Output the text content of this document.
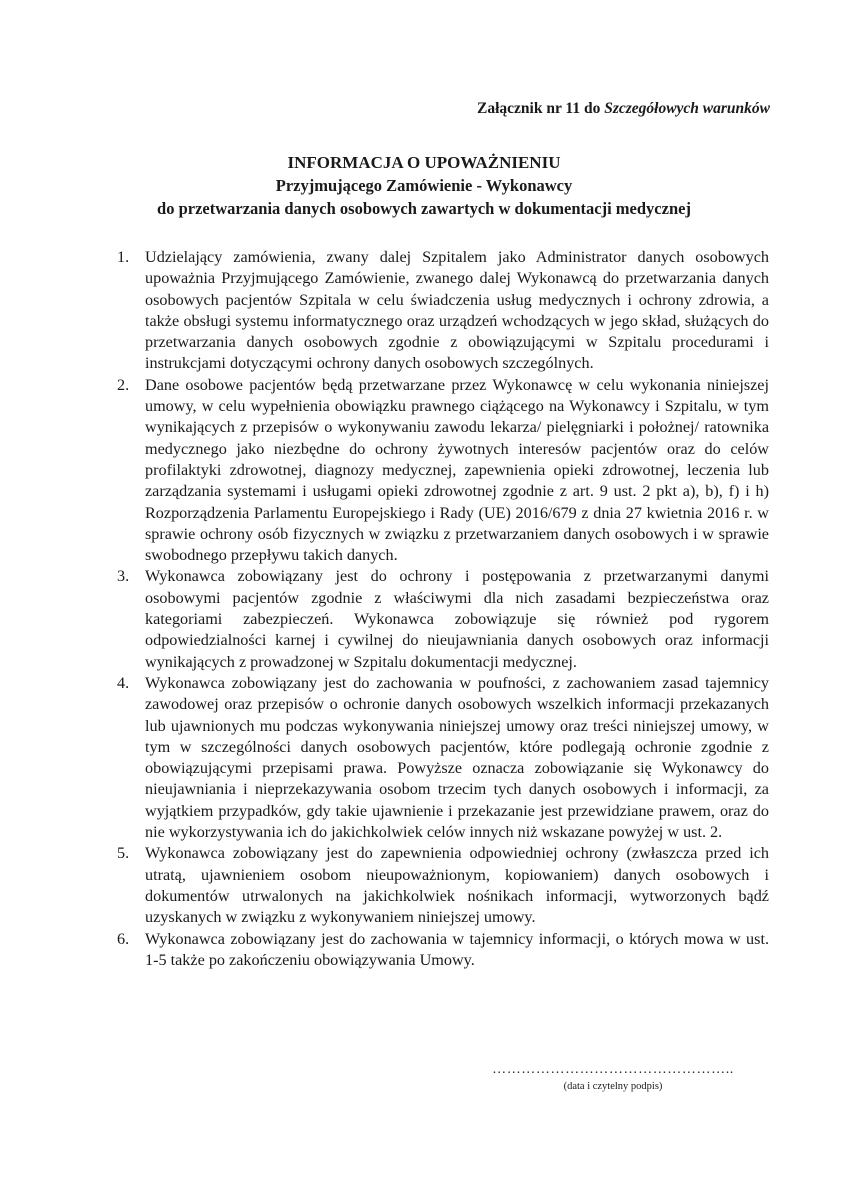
Załącznik nr 11 do Szczegółowych warunków
INFORMACJA O UPOWAŻNIENIU
Przyjmującego Zamówienie - Wykonawcy
do przetwarzania danych osobowych zawartych w dokumentacji medycznej
1. Udzielający zamówienia, zwany dalej Szpitalem jako Administrator danych osobowych upoważnia Przyjmującego Zamówienie, zwanego dalej Wykonawcą do przetwarzania danych osobowych pacjentów Szpitala w celu świadczenia usług medycznych i ochrony zdrowia, a także obsługi systemu informatycznego oraz urządzeń wchodzących w jego skład, służących do przetwarzania danych osobowych zgodnie z obowiązującymi w Szpitalu procedurami i instrukcjami dotyczącymi ochrony danych osobowych szczególnych.
2. Dane osobowe pacjentów będą przetwarzane przez Wykonawcę w celu wykonania niniejszej umowy, w celu wypełnienia obowiązku prawnego ciążącego na Wykonawcy i Szpitalu, w tym wynikających z przepisów o wykonywaniu zawodu lekarza/ pielęgniarki i położnej/ ratownika medycznego jako niezbędne do ochrony żywotnych interesów pacjentów oraz do celów profilaktyki zdrowotnej, diagnozy medycznej, zapewnienia opieki zdrowotnej, leczenia lub zarządzania systemami i usługami opieki zdrowotnej zgodnie z art. 9 ust. 2 pkt a), b), f) i h) Rozporządzenia Parlamentu Europejskiego i Rady (UE) 2016/679 z dnia 27 kwietnia 2016 r. w sprawie ochrony osób fizycznych w związku z przetwarzaniem danych osobowych i w sprawie swobodnego przepływu takich danych.
3. Wykonawca zobowiązany jest do ochrony i postępowania z przetwarzanymi danymi osobowymi pacjentów zgodnie z właściwymi dla nich zasadami bezpieczeństwa oraz kategoriami zabezpieczeń. Wykonawca zobowiązuje się również pod rygorem odpowiedzialności karnej i cywilnej do nieujawniania danych osobowych oraz informacji wynikających z prowadzonej w Szpitalu dokumentacji medycznej.
4. Wykonawca zobowiązany jest do zachowania w poufności, z zachowaniem zasad tajemnicy zawodowej oraz przepisów o ochronie danych osobowych wszelkich informacji przekazanych lub ujawnionych mu podczas wykonywania niniejszej umowy oraz treści niniejszej umowy, w tym w szczególności danych osobowych pacjentów, które podlegają ochronie zgodnie z obowiązującymi przepisami prawa. Powyższe oznacza zobowiązanie się Wykonawcy do nieujawniania i nieprzekazywania osobom trzecim tych danych osobowych i informacji, za wyjątkiem przypadków, gdy takie ujawnienie i przekazanie jest przewidziane prawem, oraz do nie wykorzystywania ich do jakichkolwiek celów innych niż wskazane powyżej w ust. 2.
5. Wykonawca zobowiązany jest do zapewnienia odpowiedniej ochrony (zwłaszcza przed ich utratą, ujawnieniem osobom nieupoważnionym, kopiowaniem) danych osobowych i dokumentów utrwalonych na jakichkolwiek nośnikach informacji, wytworzonych bądź uzyskanych w związku z wykonywaniem niniejszej umowy.
6. Wykonawca zobowiązany jest do zachowania w tajemnicy informacji, o których mowa w ust. 1-5 także po zakończeniu obowiązywania Umowy.
…………………………………………..
(data i czytelny podpis)
